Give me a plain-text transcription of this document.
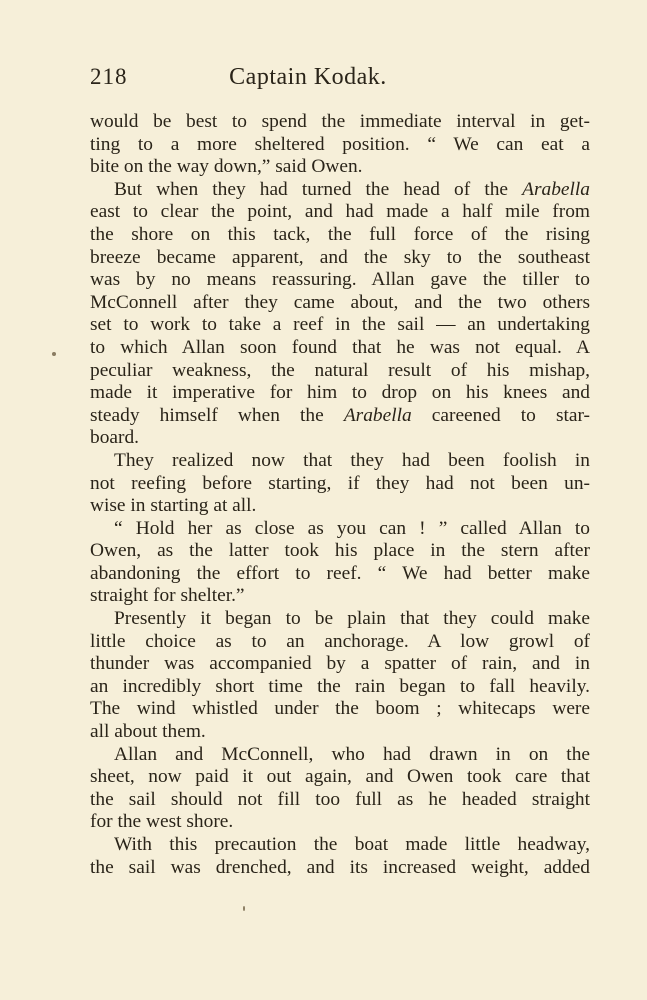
218	Captain Kodak.
would be best to spend the immediate interval in get-
ting to a more sheltered position. “ We can eat a
bite on the way down,” said Owen.
But when they had turned the head of the Arabella
east to clear the point, and had made a half mile from
the shore on this tack, the full force of the rising
breeze became apparent, and the sky to the southeast
was by no means reassuring. Allan gave the tiller to
McConnell after they came about, and the two others
set to work to take a reef in the sail — an undertaking
to which Allan soon found that he was not equal. A
peculiar weakness, the natural result of his mishap,
made it imperative for him to drop on his knees and
steady himself when the Arabella careened to star-
board.
They realized now that they had been foolish in
not reefing before starting, if they had not been un-
wise in starting at all.
“ Hold her as close as you can ! ” called Allan to
Owen, as the latter took his place in the stern after
abandoning the effort to reef. “ We had better make
straight for shelter.”
Presently it began to be plain that they could make
little choice as to an anchorage. A low growl of
thunder was accompanied by a spatter of rain, and in
an incredibly short time the rain began to fall heavily.
The wind whistled under the boom ; whitecaps were
all about them.
Allan and McConnell, who had drawn in on the
sheet, now paid it out again, and Owen took care that
the sail should not fill too full as he headed straight
for the west shore.
With this precaution the boat made little headway,
the sail was drenched, and its increased weight, added
